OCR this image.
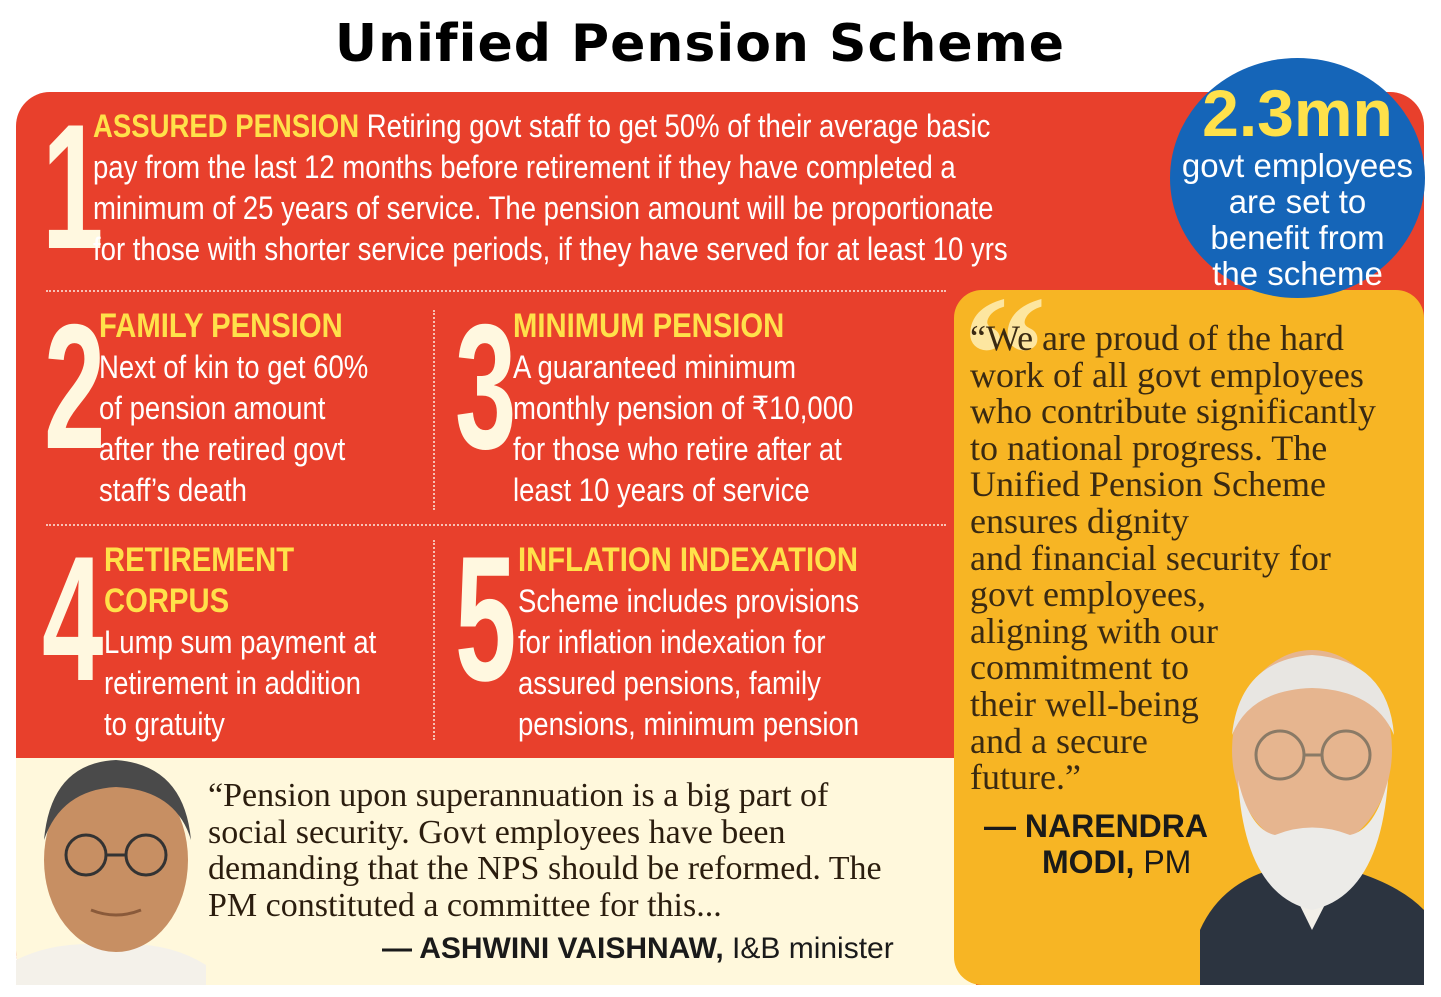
Unified Pension Scheme
1
ASSURED PENSION Retiring govt staff to get 50% of their average basic
pay from the last 12 months before retirement if they have completed a
minimum of 25 years of service. The pension amount will be proportionate
for those with shorter service periods, if they have served for at least 10 yrs
2
FAMILY PENSION
Next of kin to get 60%
of pension amount
after the retired govt
staff’s death
3
MINIMUM PENSION
A guaranteed minimum
monthly pension of ₹10,000
for those who retire after at
least 10 years of service
4 RETIREMENT
CORPUS
Lump sum payment at
retirement in addition
to gratuity
5 INFLATION INDEXATION
Scheme includes provisions
for inflation indexation for
assured pensions, family
pensions, minimum pension
2.3mn
govt employees
are set to
benefit from
the scheme
“
“We are proud of the hard
work of all govt employees
who contribute significantly
to national progress. The
Unified Pension Scheme
ensures dignity
and financial security for
govt employees,
aligning with our
commitment to
their well-being
and a secure
future.”
— NARENDRA
MODI, PM
“Pension upon superannuation is a big part of
social security. Govt employees have been
demanding that the NPS should be reformed. The
PM constituted a committee for this...
— ASHWINI VAISHNAW, I&B minister
